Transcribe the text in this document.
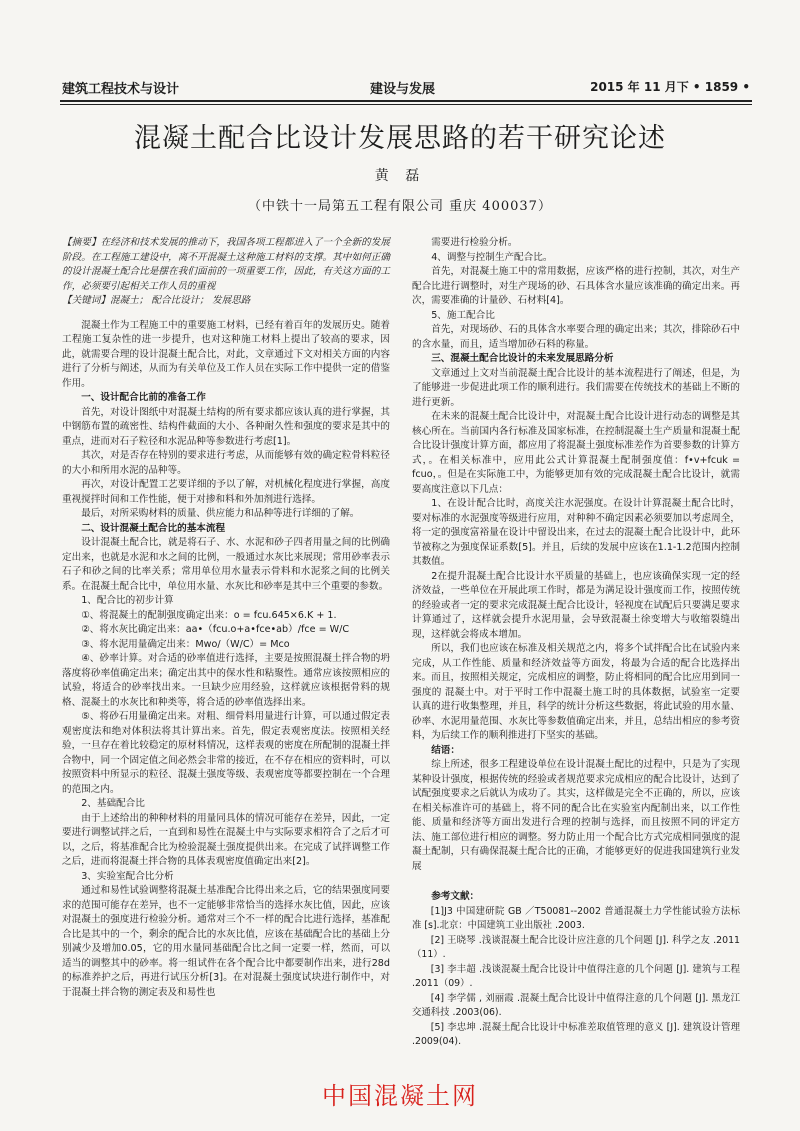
建筑工程技术与设计	建设与发展	2015 年 11 月下 • 1859 •
混凝土配合比设计发展思路的若干研究论述
黄 磊
（中铁十一局第五工程有限公司 重庆 400037）

【摘要】在经济和技术发展的推动下，我国各项工程都进入了一个全新的发展阶段。在工程施工建设中，离不开混凝土这种施工材料的支撑。其中如何正确的设计混凝土配合比是摆在我们面前的一项重要工作，因此，有关这方面的工作，必须要引起相关工作人员的重视

【关键词】混凝土； 配合比设计； 发展思路

混凝土作为工程施工中的重要施工材料，已经有着百年的发展历史。随着工程施工复杂性的进一步提升，也对这种施工材料上提出了较高的要求，因此，就需要合理的设计混凝土配合比，对此，文章通过下文对相关方面的内容进行了分析与阐述，从而为有关单位及工作人员在实际工作中提供一定的借鉴作用。

一、设计配合比前的准备工作

首先，对设计图纸中对混凝土结构的所有要求都应该认真的进行掌握，其中钢筋布置的疏密性、结构件截面的大小、各种耐久性和强度的要求是其中的重点，进而对石子粒径和水泥品种等参数进行考虑[1]。

其次，对是否存在特别的要求进行考虑，从而能够有效的确定粒骨料粒径的大小和所用水泥的品种等。

再次，对设计配置工艺要详细的予以了解，对机械化程度进行掌握，高度重视搅拌时间和工作性能，便于对掺和料和外加剂进行选择。

最后，对所采购材料的质量、供应能力和品种等进行详细的了解。

二、设计混凝土配合比的基本流程

设计混凝土配合比，就是将石子、水、水泥和砂子四者用量之间的比例确定出来，也就是水泥和水之间的比例，一般通过水灰比来展现；常用砂率表示石子和砂之间的比率关系；常用单位用水量表示骨料和水泥浆之间的比例关系。在混凝土配合比中，单位用水量、水灰比和砂率是其中三个重要的参数。

1、配合比的初步计算

①、将混凝土的配制强度确定出来：o = fcu.645×6.K + 1.

②、将水灰比确定出来：aa•（fcu.o+a•fce•ab）/fce = W/C

③、将水泥用量确定出来：Mwo/（W/C）= Mco

④、砂率计算。对合适的砂率值进行选择，主要是按照混凝土拌合物的坍落度将砂率值确定出来；确定出其中的保水性和粘聚性。通常应该按照相应的试验，将适合的砂率找出来。一旦缺少应用经验，这样就应该根据骨料的规格、混凝土的水灰比和种类等，将合适的砂率值选择出来。

⑤、将砂石用量确定出来。对粗、细骨料用量进行计算，可以通过假定表观密度法和绝对体积法将其计算出来。首先，假定表观密度法。按照相关经验，一旦存在着比较稳定的原材料情况，这样表观的密度在所配制的混凝土拌合物中，同一个固定值之间必然会非常的接近，在不存在相应的资料时，可以按照资料中所显示的粒径、混凝土强度等级、表观密度等都要控制在一个合理的范围之内。

2、基础配合比

由于上述给出的种种材料的用量同具体的情况可能存在差异，因此，一定要进行调整试拌之后，一直到和易性在混凝土中与实际要求相符合了之后才可以，之后，将基准配合比为检验混凝土强度提供出来。在完成了试拌调整工作之后，进而将混凝土拌合物的具体表观密度值确定出来[2]。

3、实验室配合比分析

通过和易性试验调整将混凝土基准配合比得出来之后，它的结果强度同要求的范围可能存在差异，也不一定能够非常恰当的选择水灰比值，因此，应该对混凝土的强度进行检验分析。通常对三个不一样的配合比进行选择，基准配合比是其中的一个，剩余的配合比的水灰比值，应该在基础配合比的基础上分别减少及增加0.05，它的用水量同基础配合比之间一定要一样，然而，可以适当的调整其中的砂率。将一组试件在各个配合比中都要制作出来，进行28d的标准养护之后，再进行试压分析[3]。在对混凝土强度试块进行制作中，对于混凝土拌合物的测定表及和易性也

需要进行检验分析。

4、调整与控制生产配合比。

首先，对混凝土施工中的常用数据，应该严格的进行控制，其次，对生产配合比进行调整时，对生产现场的砂、石具体含水量应该准确的确定出来。再次，需要准确的计量砂、石材料[4]。

5、施工配合比

首先，对现场砂、石的具体含水率要合理的确定出来；其次，排除砂石中的含水量，而且，适当增加砂石料的称量。

三、混凝土配合比设计的未来发展思路分析

文章通过上文对当前混凝土配合比设计的基本流程进行了阐述，但是，为了能够进一步促进此项工作的顺利进行。我们需要在传统技术的基础上不断的进行更新。

在未来的混凝土配合比设计中，对混凝土配合比设计进行动态的调整是其核心所在。当前国内各行标准及国家标准，在控制混凝土生产质量和混凝土配合比设计强度计算方面，都应用了将混凝土强度标准差作为首要参数的计算方式，。在相关标准中，应用此公式计算混凝土配制强度值：f•v+fcuk = fcuo，。但是在实际施工中，为能够更加有效的完成混凝土配合比设计，就需要高度注意以下几点：

1、在设计配合比时，高度关注水泥强度。在设计计算混凝土配合比时，要对标准的水泥强度等级进行应用，对种种不确定因素必须要加以考虑周全，将一定的强度富裕量在设计中留设出来，在过去的混凝土配合比设计中，此环节被称之为强度保证系数[5]。并且，后续的发展中应该在1.1-1.2范围内控制其数值。

2在提升混凝土配合比设计水平质量的基础上，也应该确保实现一定的经济效益，一些单位在开展此项工作时，都是为满足设计强度而工作，按照传统的经验或者一定的要求完成混凝土配合比设计，轻视度在试配后只要满足要求计算通过了，这样就会提升水泥用量，会导致混凝土徐变增大与收缩裂缝出现，这样就会将成本增加。

所以，我们也应该在标准及相关规范之内，将多个试拌配合比在试验内来完成，从工作性能、质量和经济效益等方面发，将最为合适的配合比选择出来。而且，按照相关规定，完成相应的调整，防止将相同的配合比应用到同一强度的 混凝土中。对于平时工作中混凝土施工时的具体数据，试验室一定要认真的进行收集整理，并且，科学的统计分析这些数据，将此试验的用水量、砂率、水泥用量范围、水灰比等参数值确定出来，并且，总结出相应的参考资料，为后续工作的顺利推进打下坚实的基础。

结语：

综上所述，很多工程建设单位在设计混凝土配比的过程中，只是为了实现某种设计强度，根据传统的经验或者规范要求完成相应的配合比设计，达到了试配强度要求之后就认为成功了。其实，这样做是完全不正确的，所以，应该在相关标准许可的基础上，将不同的配合比在实验室内配制出来，以工作性能、质量和经济等方面出发进行合理的控制与选择，而且按照不同的评定方法、施工部位进行相应的调整。努力防止用一个配合比方式完成相同强度的混凝土配制，只有确保混凝土配合比的正确，才能够更好的促进我国建筑行业发展

参考文献：

[1]J3 中国建研院 GB ／T50081--2002 普通混凝土力学性能试验方法标准 [s].北京：中国建筑工业出版社 .2003.

[2] 王晓琴 .浅谈混凝土配合比设计应注意的几个问题 [J]. 科学之友 .2011（11）.

[3] 李丰超 .浅谈混凝土配合比设计中值得注意的几个问题 [J]. 建筑与工程 .2011（09）.

[4] 李学儒 , 刘丽霞 .混凝土配合比设计中值得注意的几个问题 [J]. 黑龙江交通科技 .2003(06).

[5] 李忠坤 .混凝土配合比设计中标准差取值管理的意义 [J]. 建筑设计管理 .2009(04).

中国混凝土网
